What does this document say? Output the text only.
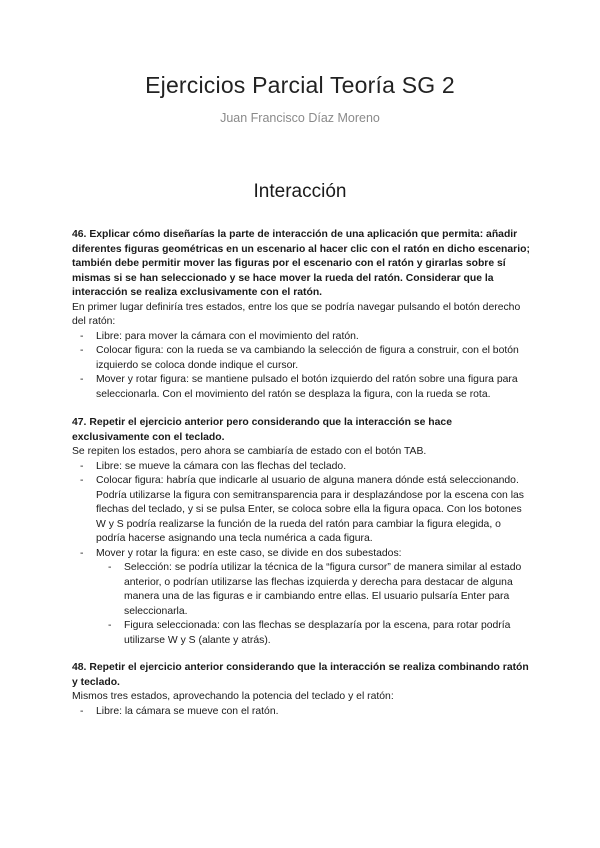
Ejercicios Parcial Teoría SG 2
Juan Francisco Díaz Moreno
Interacción

46. Explicar cómo diseñarías la parte de interacción de una aplicación que permita: añadir diferentes figuras geométricas en un escenario al hacer clic con el ratón en dicho escenario; también debe permitir mover las figuras por el escenario con el ratón y girarlas sobre sí mismas si se han seleccionado y se hace mover la rueda del ratón. Considerar que la interacción se realiza exclusivamente con el ratón.

En primer lugar definiría tres estados, entre los que se podría navegar pulsando el botón derecho del ratón:

- Libre: para mover la cámara con el movimiento del ratón.
- Colocar figura: con la rueda se va cambiando la selección de figura a construir, con el botón izquierdo se coloca donde indique el cursor.
- Mover y rotar figura: se mantiene pulsado el botón izquierdo del ratón sobre una figura para seleccionarla. Con el movimiento del ratón se desplaza la figura, con la rueda se rota.

47. Repetir el ejercicio anterior pero considerando que la interacción se hace exclusivamente con el teclado.

Se repiten los estados, pero ahora se cambiaría de estado con el botón TAB.

- Libre: se mueve la cámara con las flechas del teclado.
- Colocar figura: habría que indicarle al usuario de alguna manera dónde está seleccionando. Podría utilizarse la figura con semitransparencia para ir desplazándose por la escena con las flechas del teclado, y si se pulsa Enter, se coloca sobre ella la figura opaca. Con los botones W y S podría realizarse la función de la rueda del ratón para cambiar la figura elegida, o podría hacerse asignando una tecla numérica a cada figura.
- Mover y rotar la figura: en este caso, se divide en dos subestados:
- Selección: se podría utilizar la técnica de la “figura cursor” de manera similar al estado anterior, o podrían utilizarse las flechas izquierda y derecha para destacar de alguna manera una de las figuras e ir cambiando entre ellas. El usuario pulsaría Enter para seleccionarla.
- Figura seleccionada: con las flechas se desplazaría por la escena, para rotar podría utilizarse W y S (alante y atrás).

48. Repetir el ejercicio anterior considerando que la interacción se realiza combinando ratón y teclado.

Mismos tres estados, aprovechando la potencia del teclado y el ratón:

- Libre: la cámara se mueve con el ratón.
